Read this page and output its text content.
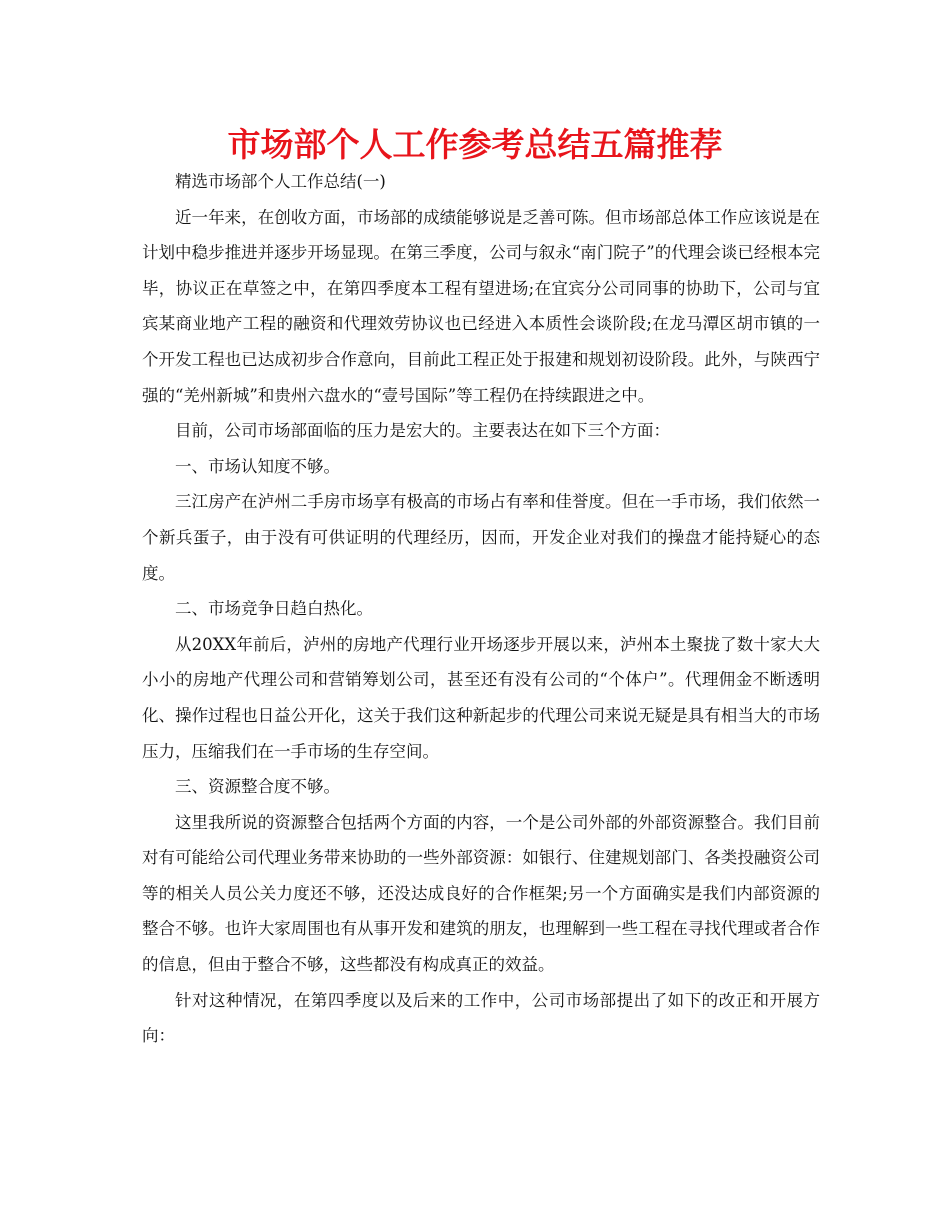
市场部个人工作参考总结五篇推荐

精选市场部个人工作总结(一)

近一年来，在创收方面，市场部的成绩能够说是乏善可陈。但市场部总体工作应该说是在计划中稳步推进并逐步开场显现。在第三季度，公司与叙永“南门院子”的代理会谈已经根本完毕，协议正在草签之中，在第四季度本工程有望进场;在宜宾分公司同事的协助下，公司与宜宾某商业地产工程的融资和代理效劳协议也已经进入本质性会谈阶段;在龙马潭区胡市镇的一个开发工程也已达成初步合作意向，目前此工程正处于报建和规划初设阶段。此外，与陕西宁强的“羌州新城”和贵州六盘水的“壹号国际”等工程仍在持续跟进之中。

目前，公司市场部面临的压力是宏大的。主要表达在如下三个方面：

一、市场认知度不够。

三江房产在泸州二手房市场享有极高的市场占有率和佳誉度。但在一手市场，我们依然一个新兵蛋子，由于没有可供证明的代理经历，因而，开发企业对我们的操盘才能持疑心的态度。

二、市场竞争日趋白热化。

从20XX年前后，泸州的房地产代理行业开场逐步开展以来，泸州本土聚拢了数十家大大小小的房地产代理公司和营销筹划公司，甚至还有没有公司的“个体户”。代理佣金不断透明化、操作过程也日益公开化，这关于我们这种新起步的代理公司来说无疑是具有相当大的市场压力，压缩我们在一手市场的生存空间。

三、资源整合度不够。

这里我所说的资源整合包括两个方面的内容，一个是公司外部的外部资源整合。我们目前对有可能给公司代理业务带来协助的一些外部资源：如银行、住建规划部门、各类投融资公司等的相关人员公关力度还不够，还没达成良好的合作框架;另一个方面确实是我们内部资源的整合不够。也许大家周围也有从事开发和建筑的朋友，也理解到一些工程在寻找代理或者合作的信息，但由于整合不够，这些都没有构成真正的效益。

针对这种情况，在第四季度以及后来的工作中，公司市场部提出了如下的改正和开展方向：
